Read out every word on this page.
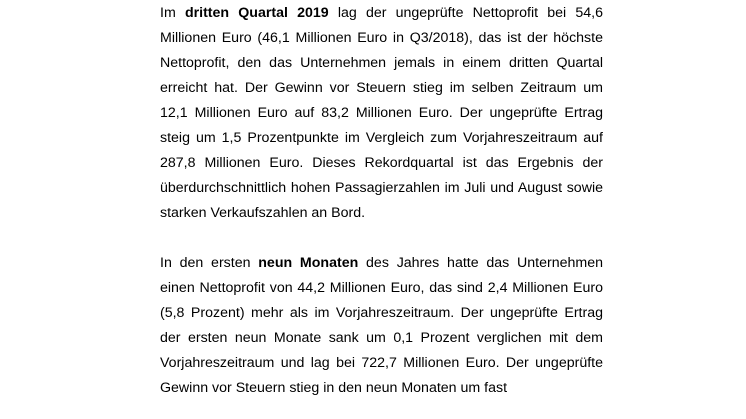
Im dritten Quartal 2019 lag der ungeprüfte Nettoprofit bei 54,6 Millionen Euro (46,1 Millionen Euro in Q3/2018), das ist der höchste Nettoprofit, den das Unternehmen jemals in einem dritten Quartal erreicht hat. Der Gewinn vor Steuern stieg im selben Zeitraum um 12,1 Millionen Euro auf 83,2 Millionen Euro. Der ungeprüfte Ertrag steig um 1,5 Prozentpunkte im Vergleich zum Vorjahreszeitraum auf 287,8 Millionen Euro. Dieses Rekordquartal ist das Ergebnis der überdurchschnittlich hohen Passagierzahlen im Juli und August sowie starken Verkaufszahlen an Bord.

In den ersten neun Monaten des Jahres hatte das Unternehmen einen Nettoprofit von 44,2 Millionen Euro, das sind 2,4 Millionen Euro (5,8 Prozent) mehr als im Vorjahreszeitraum. Der ungeprüfte Ertrag der ersten neun Monate sank um 0,1 Prozent verglichen mit dem Vorjahreszeitraum und lag bei 722,7 Millionen Euro. Der ungeprüfte Gewinn vor Steuern stieg in den neun Monaten um fast
